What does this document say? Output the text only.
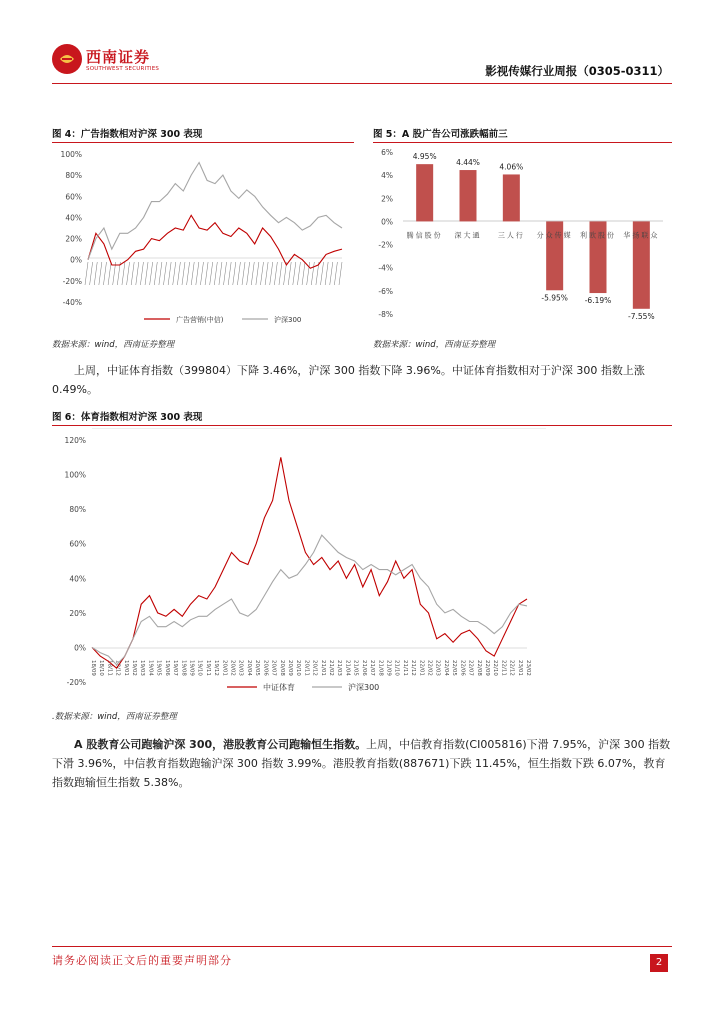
西南证券
SOUTHWEST SECURITIES	影视传媒行业周报（0305-0311）
图 4：广告指数相对沪深 300 表现
100%
80%
60%
40%
20%
0%
-20%
-40%
广告营销(中信)	沪深300
数据来源：wind，西南证券整理
图 5：A 股广告公司涨跌幅前三
6%
4%
2%
0%
-2%
-4%
-6%
-8%
4.95%
腾信股份
4.44%
深大通
4.06%
三人行
-5.95%
分众传媒
-6.19%
利欧股份
-7.55%
华扬联众
数据来源：wind，西南证券整理
上周，中证体育指数（399804）下降 3.46%，沪深 300 指数下降 3.96%。中证体育指数相对于沪深 300 指数上涨 0.49%。
图 6：体育指数相对沪深 300 表现
120%
100%
80%
60%
40%
20%
0%
-20%
18/09 18/10 18/11 18/12 19/01 19/02 19/03 19/04 19/05 19/06 19/07 19/08 19/09 19/10 19/11 19/12 20/01 20/02 20/03 20/04 20/05 20/06 20/07 20/08 20/09 20/10 20/11 20/12 21/01 21/02 21/03 21/04 21/05 21/06 21/07 21/08 21/09 21/10 21/11 21/12 22/01 22/02 22/03 22/04 22/05 22/06 22/07 22/08 22/09 22/10 22/11 22/12 23/01 23/02
中证体育	沪深300
.数据来源：wind，西南证券整理
A 股教育公司跑输沪深 300，港股教育公司跑输恒生指数。上周，中信教育指数(CI005816)下滑 7.95%，沪深 300 指数下滑 3.96%，中信教育指数跑输沪深 300 指数 3.99%。港股教育指数(887671)下跌 11.45%，恒生指数下跌 6.07%，教育指数跑输恒生指数 5.38%。
请务必阅读正文后的重要声明部分	2
